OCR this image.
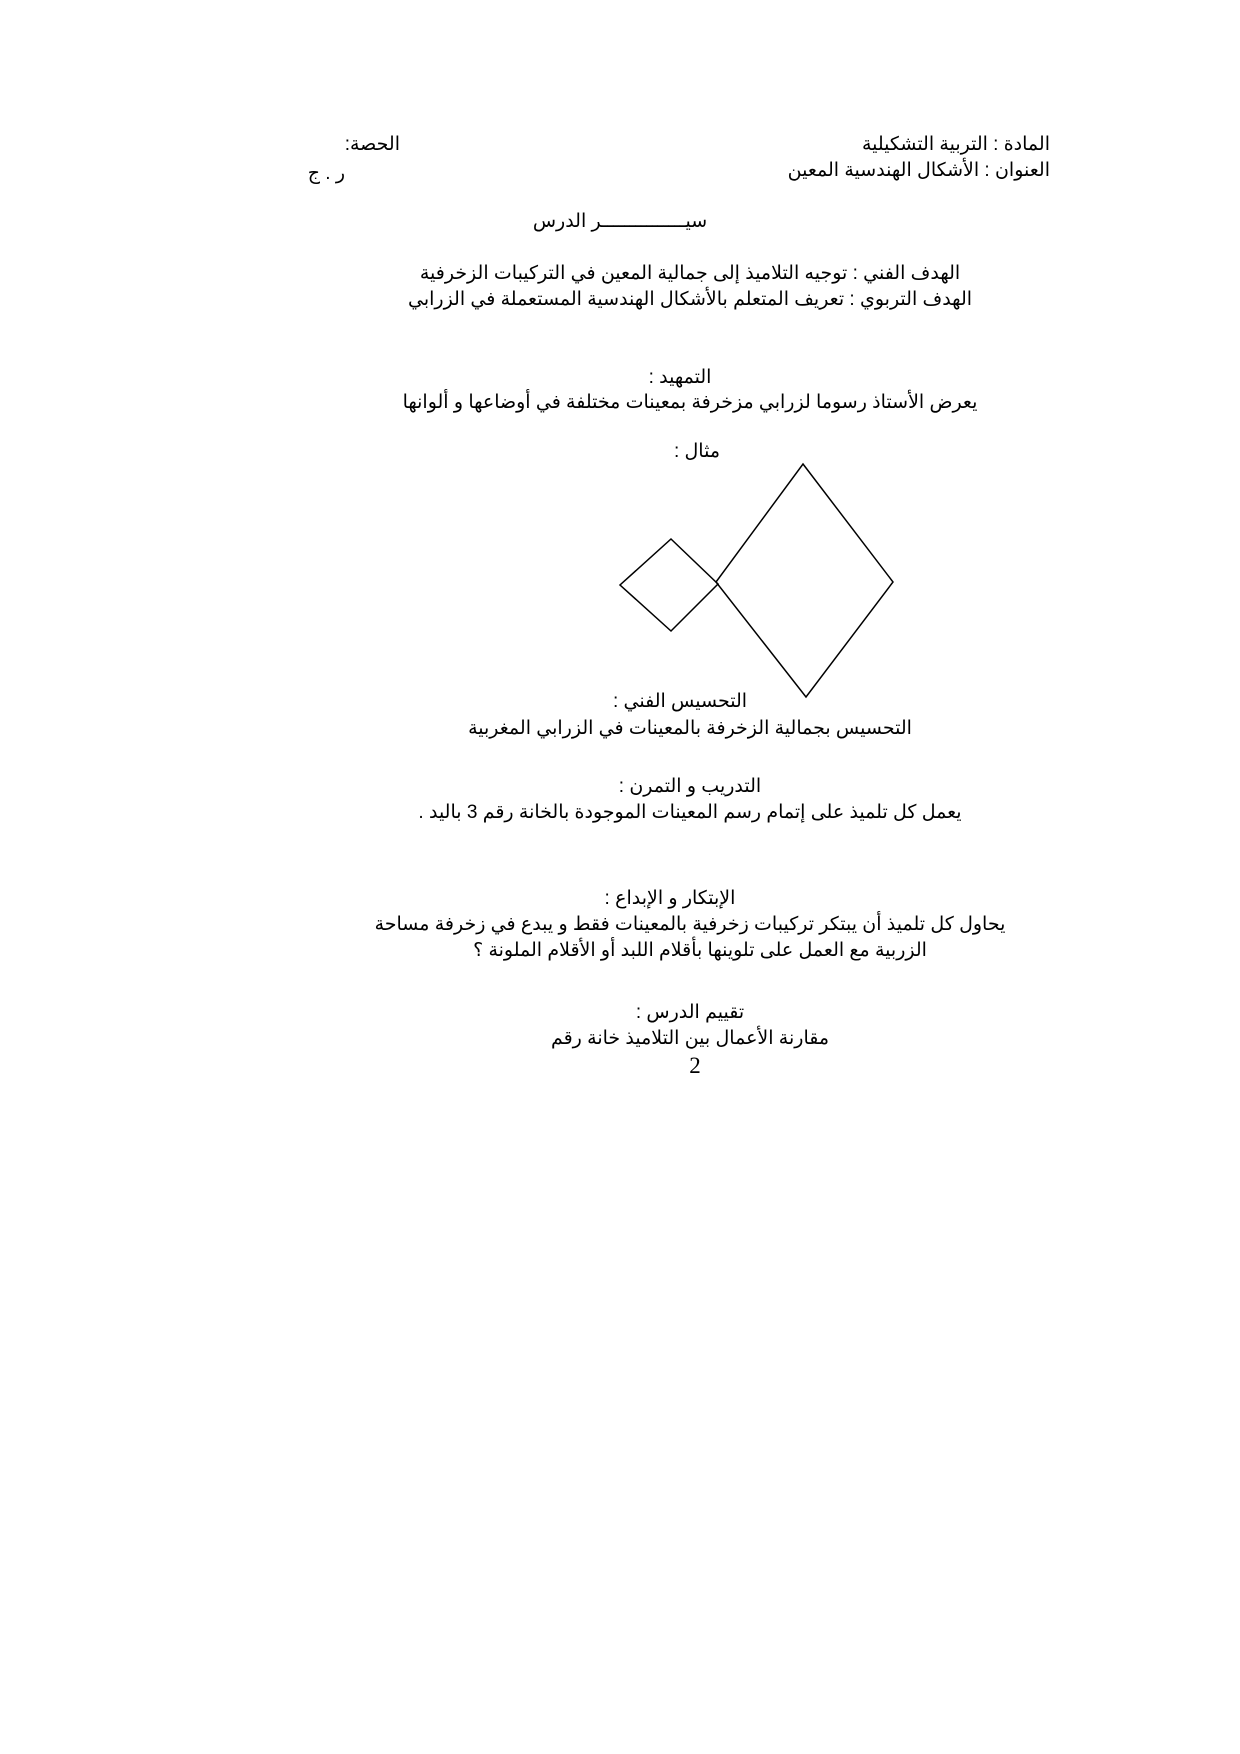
المادة : التربية التشكيلية
العنوان : الأشكال الهندسية المعين
الحصة:
ر . ج
سيـــــــــــــــر الدرس
الهدف الفني : توجيه التلاميذ إلى جمالية المعين في التركيبات الزخرفية
الهدف التربوي : تعريف المتعلم بالأشكال الهندسية المستعملة في الزرابي
التمهيد :
يعرض الأستاذ رسوما لزرابي مزخرفة بمعينات مختلفة في أوضاعها و ألوانها
مثال :
التحسيس الفني :
التحسيس بجمالية الزخرفة بالمعينات في الزرابي المغربية
التدريب و التمرن :
يعمل كل تلميذ على إتمام رسم المعينات الموجودة بالخانة رقم 3 باليد .
الإبتكار و الإبداع :
يحاول كل تلميذ أن يبتكر تركيبات زخرفية بالمعينات فقط و يبدع في زخرفة مساحة
الزربية مع العمل على تلوينها بأقلام اللبد أو الأقلام الملونة ؟
تقييم الدرس :
مقارنة الأعمال بين التلاميذ خانة رقم
2
